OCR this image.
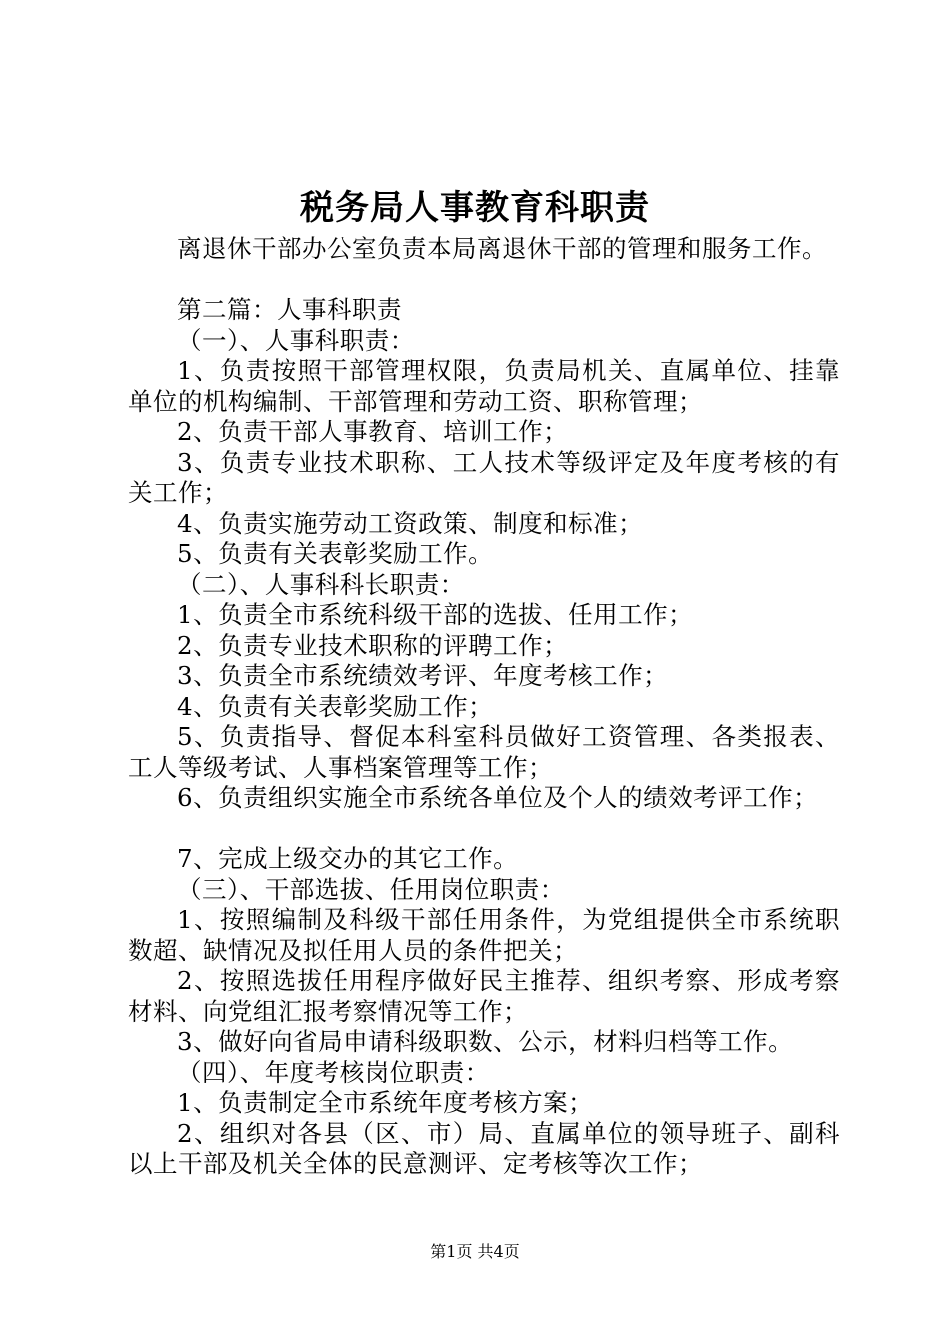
税务局人事教育科职责

离退休干部办公室负责本局离退休干部的管理和服务工作。

第二篇：人事科职责

（一）、人事科职责：

1、负责按照干部管理权限，负责局机关、直属单位、挂靠单位的机构编制、干部管理和劳动工资、职称管理；

2、负责干部人事教育、培训工作；

3、负责专业技术职称、工人技术等级评定及年度考核的有关工作；

4、负责实施劳动工资政策、制度和标准；

5、负责有关表彰奖励工作。

（二）、人事科科长职责：

1、负责全市系统科级干部的选拔、任用工作；

2、负责专业技术职称的评聘工作；

3、负责全市系统绩效考评、年度考核工作；

4、负责有关表彰奖励工作；

5、负责指导、督促本科室科员做好工资管理、各类报表、工人等级考试、人事档案管理等工作；

6、负责组织实施全市系统各单位及个人的绩效考评工作；

7、完成上级交办的其它工作。

（三）、干部选拔、任用岗位职责：

1、按照编制及科级干部任用条件，为党组提供全市系统职数超、缺情况及拟任用人员的条件把关；

2、按照选拔任用程序做好民主推荐、组织考察、形成考察材料、向党组汇报考察情况等工作；

3、做好向省局申请科级职数、公示，材料归档等工作。

（四）、年度考核岗位职责：

1、负责制定全市系统年度考核方案；

2、组织对各县（区、市）局、直属单位的领导班子、副科以上干部及机关全体的民意测评、定考核等次工作；

第1页 共4页
